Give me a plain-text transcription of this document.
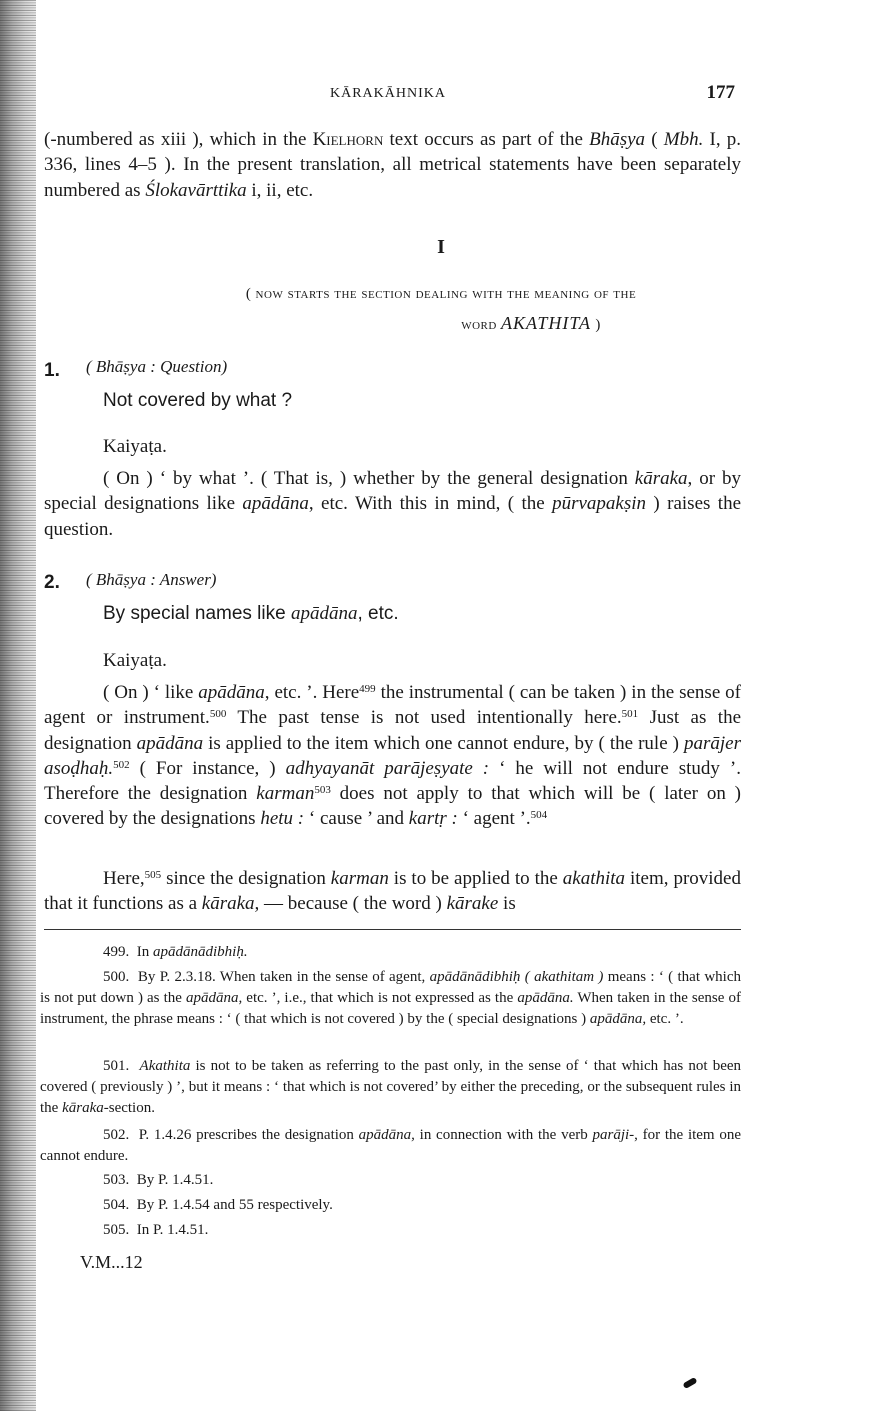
KĀRAKĀHNIKA	177
(-numbered as xiii ), which in the Kielhorn text occurs as part of the Bhāṣya ( Mbh. I, p. 336, lines 4–5 ). In the present translation, all metrical statements have been separately numbered as Ślokavārttika i, ii, etc.
I
( now starts the section dealing with the meaning of the
word AKATHITA )
1. ( Bhāṣya : Question)
Not covered by what ?
Kaiyaṭa.
( On ) ‘ by what ’. ( That is, ) whether by the general designation kāraka, or by special designations like apādāna, etc. With this in mind, ( the pūrvapakṣin ) raises the question.
2. ( Bhāṣya : Answer)
By special names like apādāna, etc.
Kaiyaṭa.
( On ) ‘ like apādāna, etc. ’. Here$^{499}$ the instrumental ( can be taken ) in the sense of agent or instrument.$^{500}$ The past tense is not used intentionally here.$^{501}$ Just as the designation apādāna is applied to the item which one cannot endure, by ( the rule ) parājer asoḍhaḥ.$^{502}$ ( For instance, ) adhyayanāt parājeṣyate : ‘ he will not endure study ’. Therefore the designation karman$^{503}$ does not apply to that which will be ( later on ) covered by the designations hetu : ‘ cause ’ and kartṛ : ‘ agent ’.$^{504}$
Here,$^{505}$ since the designation karman is to be applied to the akathita item, provided that it functions as a kāraka, — because ( the word ) kārake is
499. In apādānādibhiḥ.
500. By P. 2.3.18. When taken in the sense of agent, apādānādibhiḥ ( akathitam ) means : ‘ ( that which is not put down ) as the apādāna, etc. ’, i.e., that which is not expressed as the apādāna. When taken in the sense of instrument, the phrase means : ‘ ( that which is not covered ) by the ( special designations ) apādāna, etc. ’.
501. Akathita is not to be taken as referring to the past only, in the sense of ‘ that which has not been covered ( previously ) ’, but it means : ‘ that which is not covered’ by either the preceding, or the subsequent rules in the kāraka-section.
502. P. 1.4.26 prescribes the designation apādāna, in connection with the verb parāji-, for the item one cannot endure.
503. By P. 1.4.51.
504. By P. 1.4.54 and 55 respectively.
505. In P. 1.4.51.
V.M...12
